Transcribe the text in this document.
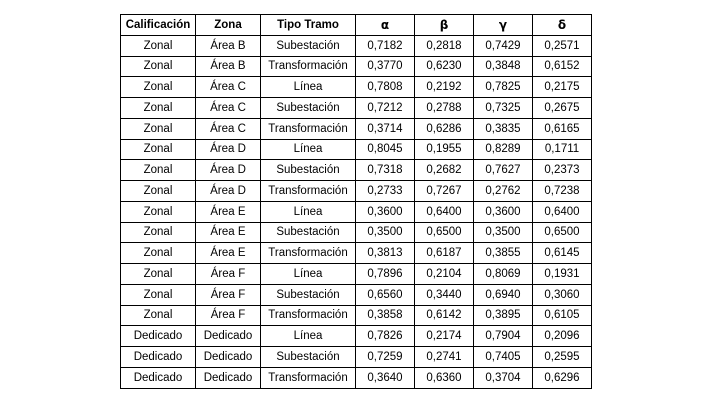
Calificación	Zona	Tipo Tramo	α	β	γ	δ
Zonal	Área B	Subestación	0,7182	0,2818	0,7429	0,2571
Zonal	Área B	Transformación	0,3770	0,6230	0,3848	0,6152
Zonal	Área C	Línea	0,7808	0,2192	0,7825	0,2175
Zonal	Área C	Subestación	0,7212	0,2788	0,7325	0,2675
Zonal	Área C	Transformación	0,3714	0,6286	0,3835	0,6165
Zonal	Área D	Línea	0,8045	0,1955	0,8289	0,1711
Zonal	Área D	Subestación	0,7318	0,2682	0,7627	0,2373
Zonal	Área D	Transformación	0,2733	0,7267	0,2762	0,7238
Zonal	Área E	Línea	0,3600	0,6400	0,3600	0,6400
Zonal	Área E	Subestación	0,3500	0,6500	0,3500	0,6500
Zonal	Área E	Transformación	0,3813	0,6187	0,3855	0,6145
Zonal	Área F	Línea	0,7896	0,2104	0,8069	0,1931
Zonal	Área F	Subestación	0,6560	0,3440	0,6940	0,3060
Zonal	Área F	Transformación	0,3858	0,6142	0,3895	0,6105
Dedicado	Dedicado	Línea	0,7826	0,2174	0,7904	0,2096
Dedicado	Dedicado	Subestación	0,7259	0,2741	0,7405	0,2595
Dedicado	Dedicado	Transformación	0,3640	0,6360	0,3704	0,6296
